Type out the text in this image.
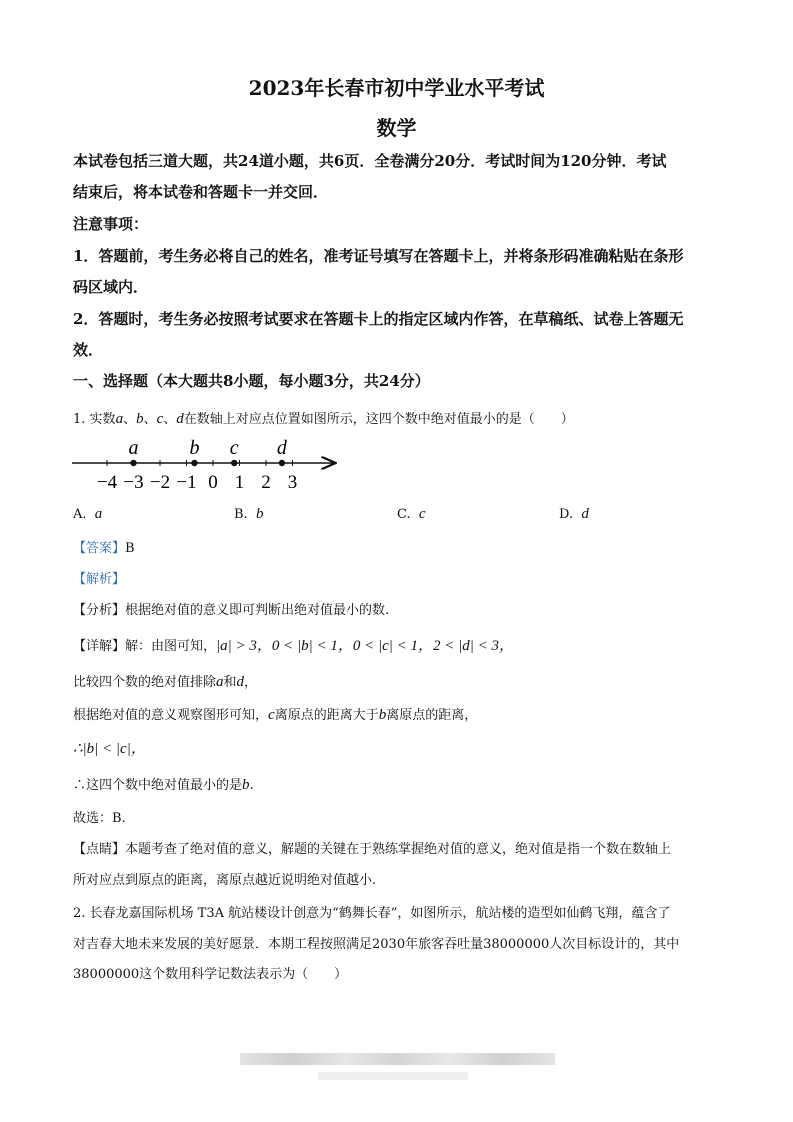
2023年长春市初中学业水平考试
数学
本试卷包括三道大题，共24道小题，共6页．全卷满分20分．考试时间为120分钟．考试
结束后，将本试卷和答题卡一并交回．
注意事项：
1．答题前，考生务必将自己的姓名，准考证号填写在答题卡上，并将条形码准确粘贴在条形
码区域内．
2．答题时，考生务必按照考试要求在答题卡上的指定区域内作答，在草稿纸、试卷上答题无
效．
一、选择题（本大题共8小题，每小题3分，共24分）
1. 实数a、b、c、d在数轴上对应点位置如图所示，这四个数中绝对值最小的是（　　）
−4 −3 −2 −1 0 1 2 3
a	b c d
A. a	B. b	C. c	D. d
【答案】B
【解析】
【分析】根据绝对值的意义即可判断出绝对值最小的数.
【详解】解：由图可知，|a| > 3，0 < |b| < 1，0 < |c| < 1，2 < |d| < 3，
比较四个数的绝对值排除a和d，
根据绝对值的意义观察图形可知，c离原点的距离大于b离原点的距离，
∴|b| < |c|，
∴这四个数中绝对值最小的是b.
故选：B.
【点睛】本题考查了绝对值的意义，解题的关键在于熟练掌握绝对值的意义，绝对值是指一个数在数轴上
所对应点到原点的距离，离原点越近说明绝对值越小.
2. 长春龙嘉国际机场 T3A 航站楼设计创意为“鹤舞长春”，如图所示，航站楼的造型如仙鹤飞翔，蕴含了
对吉春大地未来发展的美好愿景．本期工程按照满足2030年旅客吞吐量38000000人次目标设计的，其中
38000000这个数用科学记数法表示为（　　）
